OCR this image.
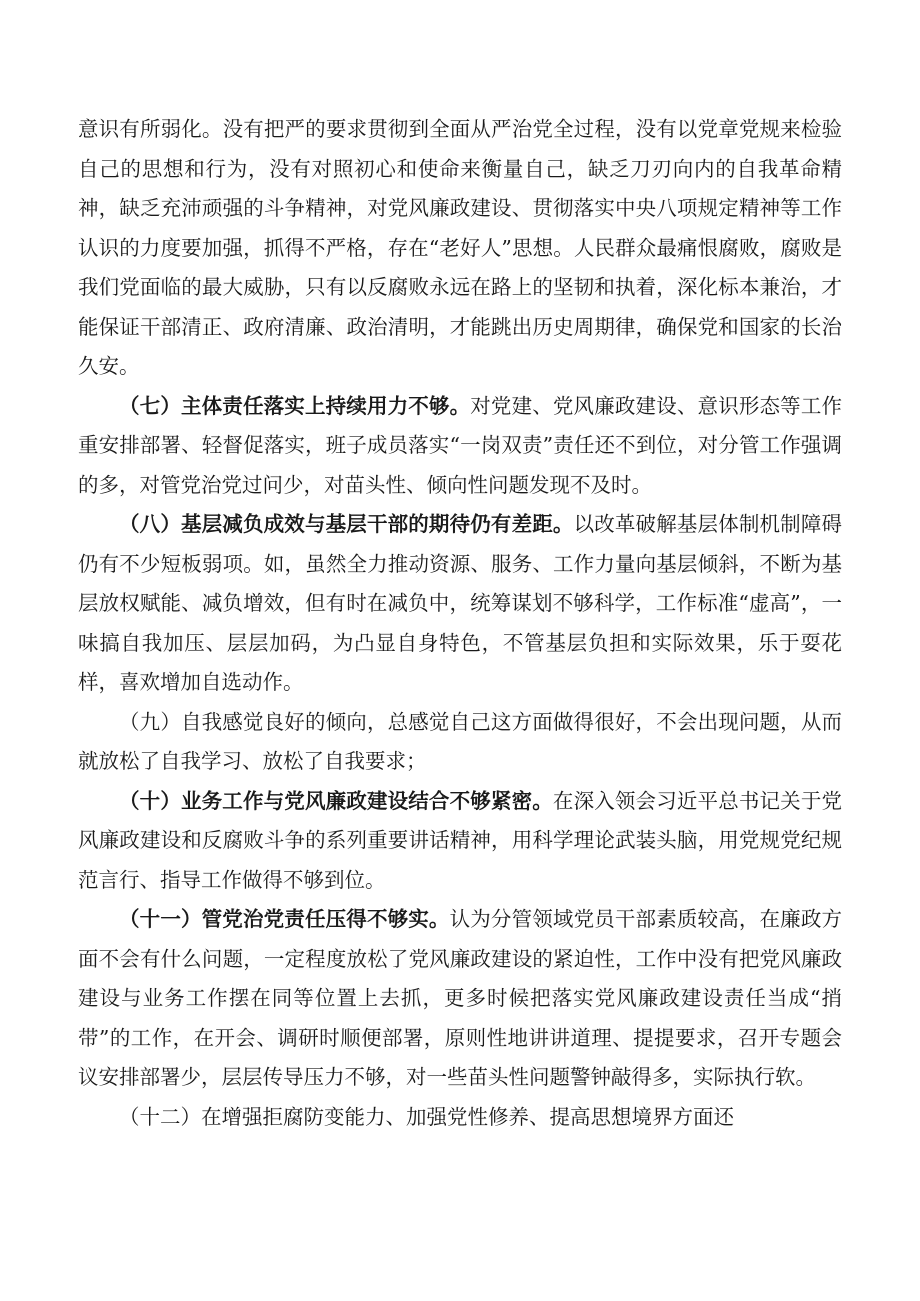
意识有所弱化。没有把严的要求贯彻到全面从严治党全过程，没有以党章党规来检验自己的思想和行为，没有对照初心和使命来衡量自己，缺乏刀刃向内的自我革命精神，缺乏充沛顽强的斗争精神，对党风廉政建设、贯彻落实中央八项规定精神等工作认识的力度要加强，抓得不严格，存在“老好人”思想。人民群众最痛恨腐败，腐败是我们党面临的最大威胁，只有以反腐败永远在路上的坚韧和执着，深化标本兼治，才能保证干部清正、政府清廉、政治清明，才能跳出历史周期律，确保党和国家的长治久安。

（七）主体责任落实上持续用力不够。对党建、党风廉政建设、意识形态等工作重安排部署、轻督促落实，班子成员落实“一岗双责”责任还不到位，对分管工作强调的多，对管党治党过问少，对苗头性、倾向性问题发现不及时。

（八）基层减负成效与基层干部的期待仍有差距。以改革破解基层体制机制障碍仍有不少短板弱项。如，虽然全力推动资源、服务、工作力量向基层倾斜，不断为基层放权赋能、减负增效，但有时在减负中，统筹谋划不够科学，工作标准“虚高”，一味搞自我加压、层层加码，为凸显自身特色，不管基层负担和实际效果，乐于耍花样，喜欢增加自选动作。

（九）自我感觉良好的倾向，总感觉自己这方面做得很好，不会出现问题，从而就放松了自我学习、放松了自我要求；

（十）业务工作与党风廉政建设结合不够紧密。在深入领会习近平总书记关于党风廉政建设和反腐败斗争的系列重要讲话精神，用科学理论武装头脑，用党规党纪规范言行、指导工作做得不够到位。

（十一）管党治党责任压得不够实。认为分管领域党员干部素质较高，在廉政方面不会有什么问题，一定程度放松了党风廉政建设的紧迫性，工作中没有把党风廉政建设与业务工作摆在同等位置上去抓，更多时候把落实党风廉政建设责任当成“捎带”的工作，在开会、调研时顺便部署，原则性地讲讲道理、提提要求，召开专题会议安排部署少，层层传导压力不够，对一些苗头性问题警钟敲得多，实际执行软。

（十二）在增强拒腐防变能力、加强党性修养、提高思想境界方面还
